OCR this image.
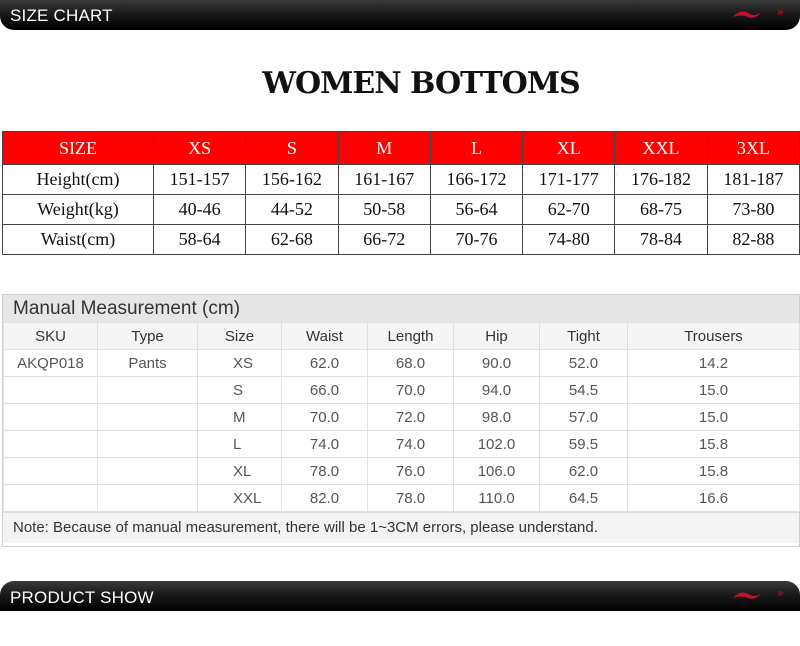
SIZE CHART	»
WOMEN BOTTOMS
SIZE	XS	S	M	L	XL	XXL	3XL
Height(cm)	151-157	156-162	161-167	166-172	171-177	176-182	181-187
Weight(kg)	40-46	44-52	50-58	56-64	62-70	68-75	73-80
Waist(cm)	58-64	62-68	66-72	70-76	74-80	78-84	82-88
Manual Measurement (cm)
SKU	Type	Size	Waist	Length	Hip	Tight	Trousers
AKQP018	Pants	XS	62.0	68.0	90.0	52.0	14.2
		S	66.0	70.0	94.0	54.5	15.0
		M	70.0	72.0	98.0	57.0	15.0
		L	74.0	74.0	102.0	59.5	15.8
		XL	78.0	76.0	106.0	62.0	15.8
		XXL	82.0	78.0	110.0	64.5	16.6
Note: Because of manual measurement, there will be 1~3CM errors, please understand.
PRODUCT SHOW	»
